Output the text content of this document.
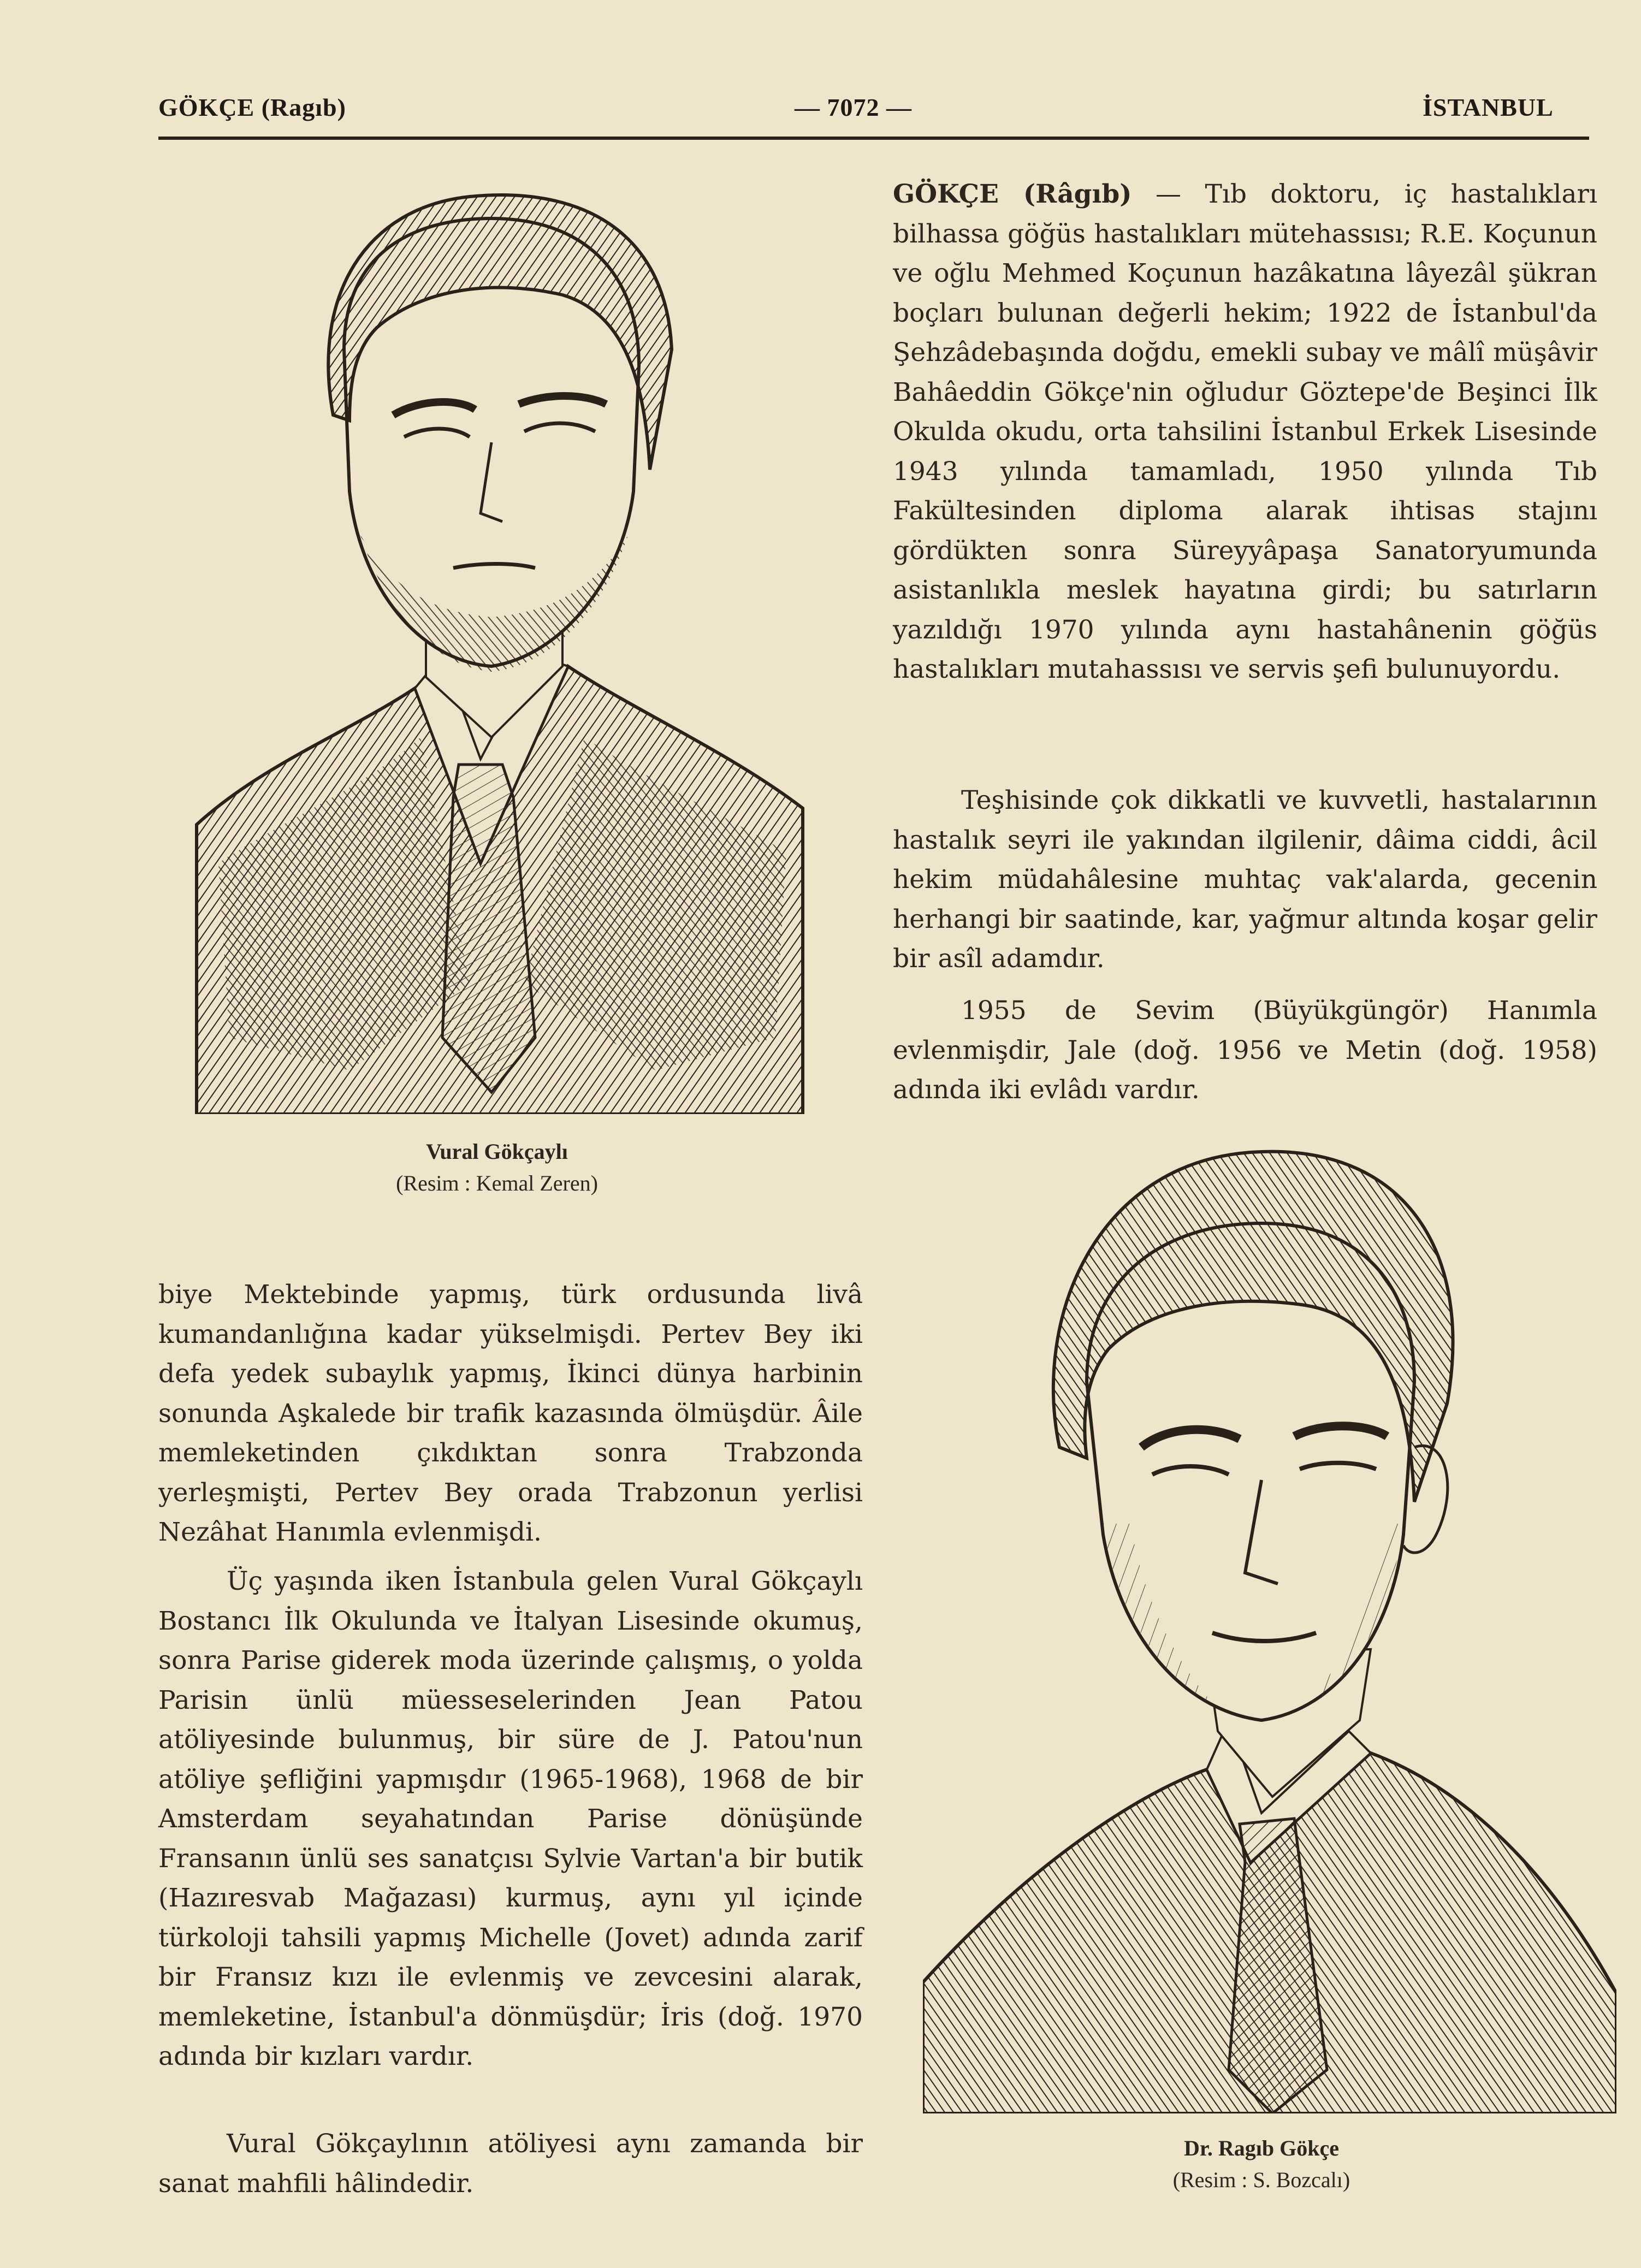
GÖKÇE (Ragıb)	— 7072 —	İSTANBUL
Vural Gökçaylı
(Resim : Kemal Zeren)

GÖKÇE (Râgıb) — Tıb doktoru, iç hastalıkları bilhassa göğüs hastalıkları mütehassısı; R.E. Koçunun ve oğlu Mehmed Koçunun hazâkatına lâyezâl şükran boçları bulunan değerli hekim; 1922 de İstanbul'da Şehzâdebaşında doğdu, emekli subay ve mâlî müşâvir Bahâeddin Gökçe'nin oğludur Göztepe'de Beşinci İlk Okulda okudu, orta tahsilini İstanbul Erkek Lisesinde 1943 yılında tamamladı, 1950 yılında Tıb Fakültesinden diploma alarak ihtisas stajını gördükten sonra Süreyyâpaşa Sanatoryumunda asistanlıkla meslek hayatına girdi; bu satırların yazıldığı 1970 yılında aynı hastahânenin göğüs hastalıkları mutahassısı ve servis şefi bulunuyordu.

Teşhisinde çok dikkatli ve kuvvetli, hastalarının hastalık seyri ile yakından ilgilenir, dâima ciddi, âcil hekim müdahâlesine muhtaç vak'alarda, gecenin herhangi bir saatinde, kar, yağmur altında koşar gelir bir asîl adamdır.

1955 de Sevim (Büyükgüngör) Hanımla evlenmişdir, Jale (doğ. 1956 ve Metin (doğ. 1958) adında iki evlâdı vardır.

Dr. Ragıb Gökçe
(Resim : S. Bozcalı)

biye Mektebinde yapmış, türk ordusunda livâ kumandanlığına kadar yükselmişdi. Pertev Bey iki defa yedek subaylık yapmış, İkinci dünya harbinin sonunda Aşkalede bir trafik kazasında ölmüşdür. Âile memleketinden çıkdıktan sonra Trabzonda yerleşmişti, Pertev Bey orada Trabzonun yerlisi Nezâhat Hanımla evlenmişdi.

Üç yaşında iken İstanbula gelen Vural Gökçaylı Bostancı İlk Okulunda ve İtalyan Lisesinde okumuş, sonra Parise giderek moda üzerinde çalışmış, o yolda Parisin ünlü müesseselerinden Jean Patou atöliyesinde bulunmuş, bir süre de J. Patou'nun atöliye şefliğini yapmışdır (1965-1968), 1968 de bir Amsterdam seyahatından Parise dönüşünde Fransanın ünlü ses sanatçısı Sylvie Vartan'a bir butik (Hazıresvab Mağazası) kurmuş, aynı yıl içinde türkoloji tahsili yapmış Michelle (Jovet) adında zarif bir Fransız kızı ile evlenmiş ve zevcesini alarak, memleketine, İstanbul'a dönmüşdür; İris (doğ. 1970 adında bir kızları vardır.

Vural Gökçaylının atöliyesi aynı zamanda bir sanat mahfili hâlindedir.
